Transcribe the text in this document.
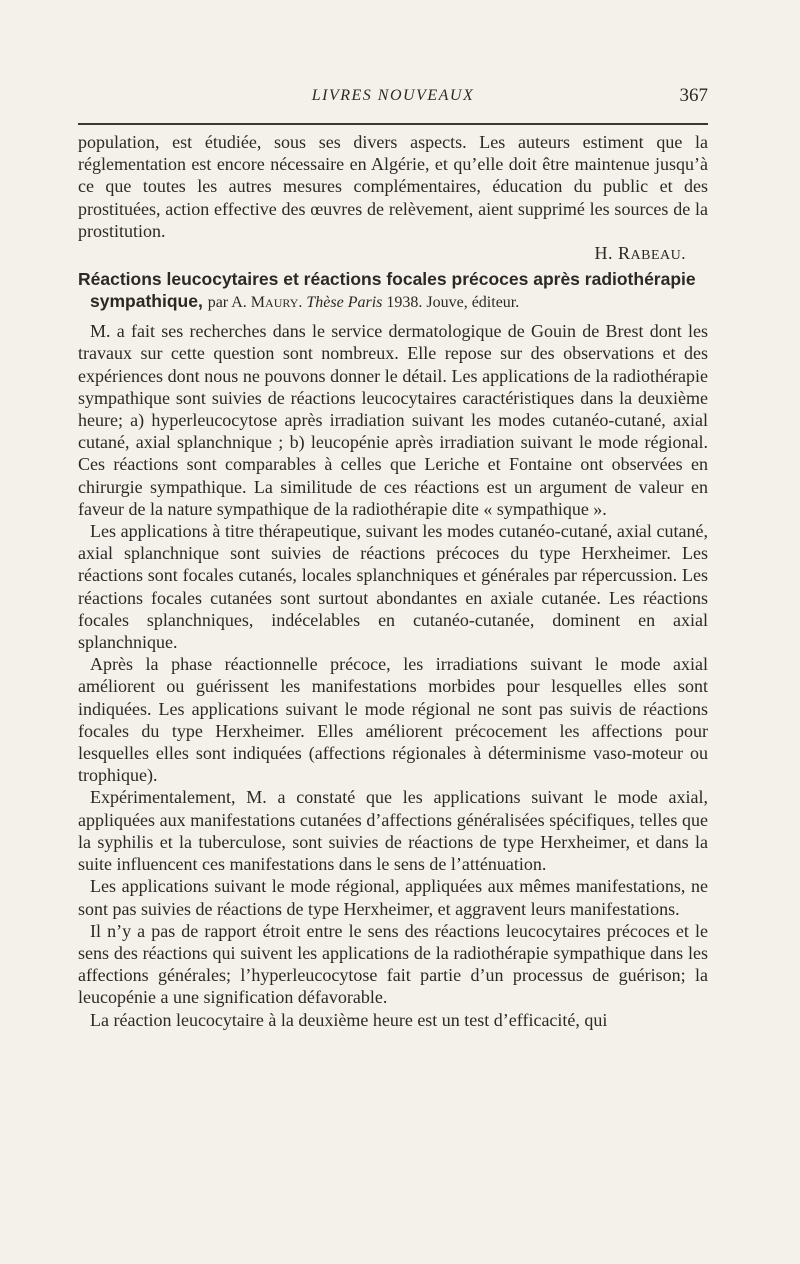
LIVRES NOUVEAUX	367

population, est étudiée, sous ses divers aspects. Les auteurs estiment que la réglementation est encore nécessaire en Algérie, et qu’elle doit être maintenue jusqu’à ce que toutes les autres mesures complémentaires, éducation du public et des prostituées, action effective des œuvres de relèvement, aient supprimé les sources de la prostitution.

H. RABEAU.

Réactions leucocytaires et réactions focales précoces après radiothérapie
sympathique, par A. MAURY. Thèse Paris 1938. Jouve, éditeur.

M. a fait ses recherches dans le service dermatologique de Gouin de Brest dont les travaux sur cette question sont nombreux. Elle repose sur des observations et des expériences dont nous ne pouvons donner le détail. Les applications de la radiothérapie sympathique sont suivies de réactions leucocytaires caractéristiques dans la deuxième heure; a) hyperleucocytose après irradiation suivant les modes cutanéo-cutané, axial cutané, axial splanchnique ; b) leucopénie après irradiation suivant le mode régional. Ces réactions sont comparables à celles que Leriche et Fontaine ont observées en chirurgie sympathique. La similitude de ces réactions est un argument de valeur en faveur de la nature sympathique de la radiothérapie dite « sympathique ».

Les applications à titre thérapeutique, suivant les modes cutanéo-cutané, axial cutané, axial splanchnique sont suivies de réactions précoces du type Herxheimer. Les réactions sont focales cutanés, locales splanchniques et générales par répercussion. Les réactions focales cutanées sont surtout abondantes en axiale cutanée. Les réactions focales splanchniques, indécelables en cutanéo-cutanée, dominent en axial splanchnique.

Après la phase réactionnelle précoce, les irradiations suivant le mode axial améliorent ou guérissent les manifestations morbides pour lesquelles elles sont indiquées. Les applications suivant le mode régional ne sont pas suivis de réactions focales du type Herxheimer. Elles améliorent précocement les affections pour lesquelles elles sont indiquées (affections régionales à déterminisme vaso-moteur ou trophique).

Expérimentalement, M. a constaté que les applications suivant le mode axial, appliquées aux manifestations cutanées d’affections généralisées spécifiques, telles que la syphilis et la tuberculose, sont suivies de réactions de type Herxheimer, et dans la suite influencent ces manifestations dans le sens de l’atténuation.

Les applications suivant le mode régional, appliquées aux mêmes manifestations, ne sont pas suivies de réactions de type Herxheimer, et aggravent leurs manifestations.

Il n’y a pas de rapport étroit entre le sens des réactions leucocytaires précoces et le sens des réactions qui suivent les applications de la radiothérapie sympathique dans les affections générales; l’hyperleucocytose fait partie d’un processus de guérison; la leucopénie a une signification défavorable.

La réaction leucocytaire à la deuxième heure est un test d’efficacité, qui
